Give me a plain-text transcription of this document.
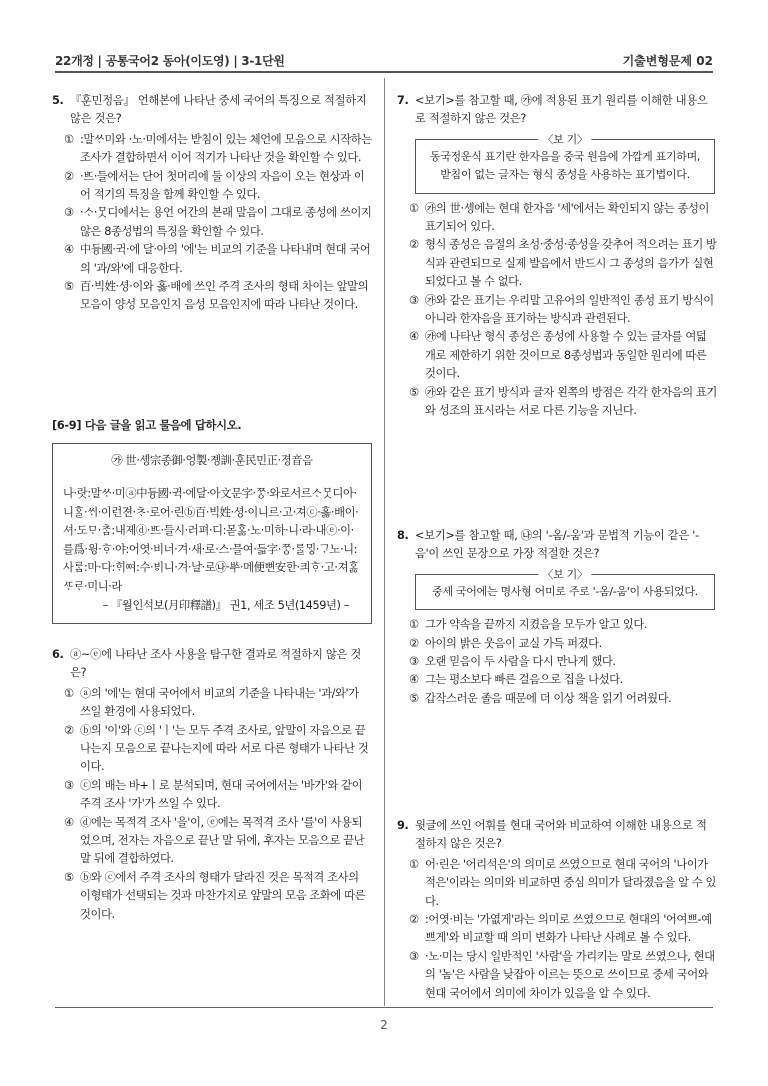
22개정 | 공통국어2 동아(이도영) | 3-1단원	기출변형문제 02
5. 『훈민정음』 언해본에 나타난 중세 국어의 특징으로 적절하지 않은 것은?
① :말ᄊᆞ미와 ·노·미에서는 받침이 있는 체언에 모음으로 시작하는 조사가 결합하면서 이어 적기가 나타난 것을 확인할 수 있다.
② ·ᄠᅳ·들에서는 단어 첫머리에 둘 이상의 자음이 오는 현상과 이어 적기의 특징을 함께 확인할 수 있다.
③ ·ᄉᆞ·ᄆᆞᆺ디에서는 용언 어간의 본래 말음이 그대로 종성에 쓰이지 않은 8종성법의 특징을 확인할 수 있다.
④ 中듕國·귁·에 달·아의 '에'는 비교의 기준을 나타내며 현대 국어의 '과/와'에 대응한다.
⑤ 百·빅姓·셩·이와 홇·배에 쓰인 주격 조사의 형태 차이는 앞말의 모음이 양성 모음인지 음성 모음인지에 따라 나타난 것이다.
[6-9] 다음 글을 읽고 물음에 답하시오.
㉮ 世·솅宗종御·엉製·졩訓·훈民민正·졍音음
나·랏:말ᄊᆞ·미ⓐ中듕國·귁·에달·아文문字·ᄍᆞᆼ·와로서르ᄉᆞᄆᆞᆺ디아·니ᄒᆞᆯ·ᄊᆡ·이런젼·ᄎᆞ·로어·린ⓑ百·빅姓·셩·이니르·고·져ⓒ·홇·배이·셔·도ᄆᆞ·ᄎᆞᆷ:내제ⓓ·ᄠᅳ·들시·러펴·디:몯ᄒᆞᇙ·노·미하·니·라·내ⓔ·이·를爲·윙·ᄒᆞ·야:어엿·비너·겨·새·로·스·믈여·듧字·ᄍᆞᆼ·ᄅᆞᆯᄆᆡᇰ·ᄀᆞ노·니:사ᄅᆞᆷ:마·다:ᄒᆡᅇᅧ:수·ᄫᅵ니·겨·날·로㉯·ᄡᅮ·메便뼌安ᅙᅡᆫ·킈ᄒᆞ·고·져ᄒᆞᇙᄯᆞᄅᆞ·미니·라
– 『월인석보(月印釋譜)』 권1, 세조 5년(1459년) –
6. ⓐ~ⓔ에 나타난 조사 사용을 탐구한 결과로 적절하지 않은 것은?
① ⓐ의 '에'는 현대 국어에서 비교의 기준을 나타내는 '과/와'가 쓰일 환경에 사용되었다.
② ⓑ의 '이'와 ⓒ의 'ㅣ'는 모두 주격 조사로, 앞말이 자음으로 끝나는지 모음으로 끝나는지에 따라 서로 다른 형태가 나타난 것이다.
③ ⓒ의 배는 바+ㅣ로 분석되며, 현대 국어에서는 '바가'와 같이 주격 조사 '가'가 쓰일 수 있다.
④ ⓓ에는 목적격 조사 '을'이, ⓔ에는 목적격 조사 '를'이 사용되었으며, 전자는 자음으로 끝난 말 뒤에, 후자는 모음으로 끝난 말 뒤에 결합하였다.
⑤ ⓑ와 ⓒ에서 주격 조사의 형태가 달라진 것은 목적격 조사의 이형태가 선택되는 것과 마찬가지로 앞말의 모음 조화에 따른 것이다.
7. <보기>를 참고할 때, ㉮에 적용된 표기 원리를 이해한 내용으로 적절하지 않은 것은?
〈보 기〉
동국정운식 표기란 한자음을 중국 원음에 가깝게 표기하며, 받침이 없는 글자는 형식 종성을 사용하는 표기법이다.
① ㉮의 世·솅에는 현대 한자음 '세'에서는 확인되지 않는 종성이 표기되어 있다.
② 형식 종성은 음절의 초성·중성·종성을 갖추어 적으려는 표기 방식과 관련되므로 실제 발음에서 반드시 그 종성의 음가가 실현되었다고 볼 수 없다.
③ ㉮와 같은 표기는 우리말 고유어의 일반적인 종성 표기 방식이 아니라 한자음을 표기하는 방식과 관련된다.
④ ㉮에 나타난 형식 종성은 종성에 사용할 수 있는 글자를 여덟 개로 제한하기 위한 것이므로 8종성법과 동일한 원리에 따른 것이다.
⑤ ㉮와 같은 표기 방식과 글자 왼쪽의 방점은 각각 한자음의 표기와 성조의 표시라는 서로 다른 기능을 지닌다.
8. <보기>를 참고할 때, ㉯의 '-옴/-움'과 문법적 기능이 같은 '-음'이 쓰인 문장으로 가장 적절한 것은?
〈보 기〉
중세 국어에는 명사형 어미로 주로 '-옴/-움'이 사용되었다.
① 그가 약속을 끝까지 지켰음을 모두가 알고 있다.
② 아이의 밝은 웃음이 교실 가득 퍼졌다.
③ 오랜 믿음이 두 사람을 다시 만나게 했다.
④ 그는 평소보다 빠른 걸음으로 집을 나섰다.
⑤ 갑작스러운 졸음 때문에 더 이상 책을 읽기 어려웠다.
9. 윗글에 쓰인 어휘를 현대 국어와 비교하여 이해한 내용으로 적절하지 않은 것은?
① 어·린은 '어리석은'의 의미로 쓰였으므로 현대 국어의 '나이가 적은'이라는 의미와 비교하면 중심 의미가 달라졌음을 알 수 있다.
② :어엿·비는 '가엾게'라는 의미로 쓰였으므로 현대의 '어여쁘-예쁘게'와 비교할 때 의미 변화가 나타난 사례로 볼 수 있다.
③ ·노·미는 당시 일반적인 '사람'을 가리키는 말로 쓰였으나, 현대의 '놈'은 사람을 낮잡아 이르는 뜻으로 쓰이므로 중세 국어와 현대 국어에서 의미에 차이가 있음을 알 수 있다.
2
